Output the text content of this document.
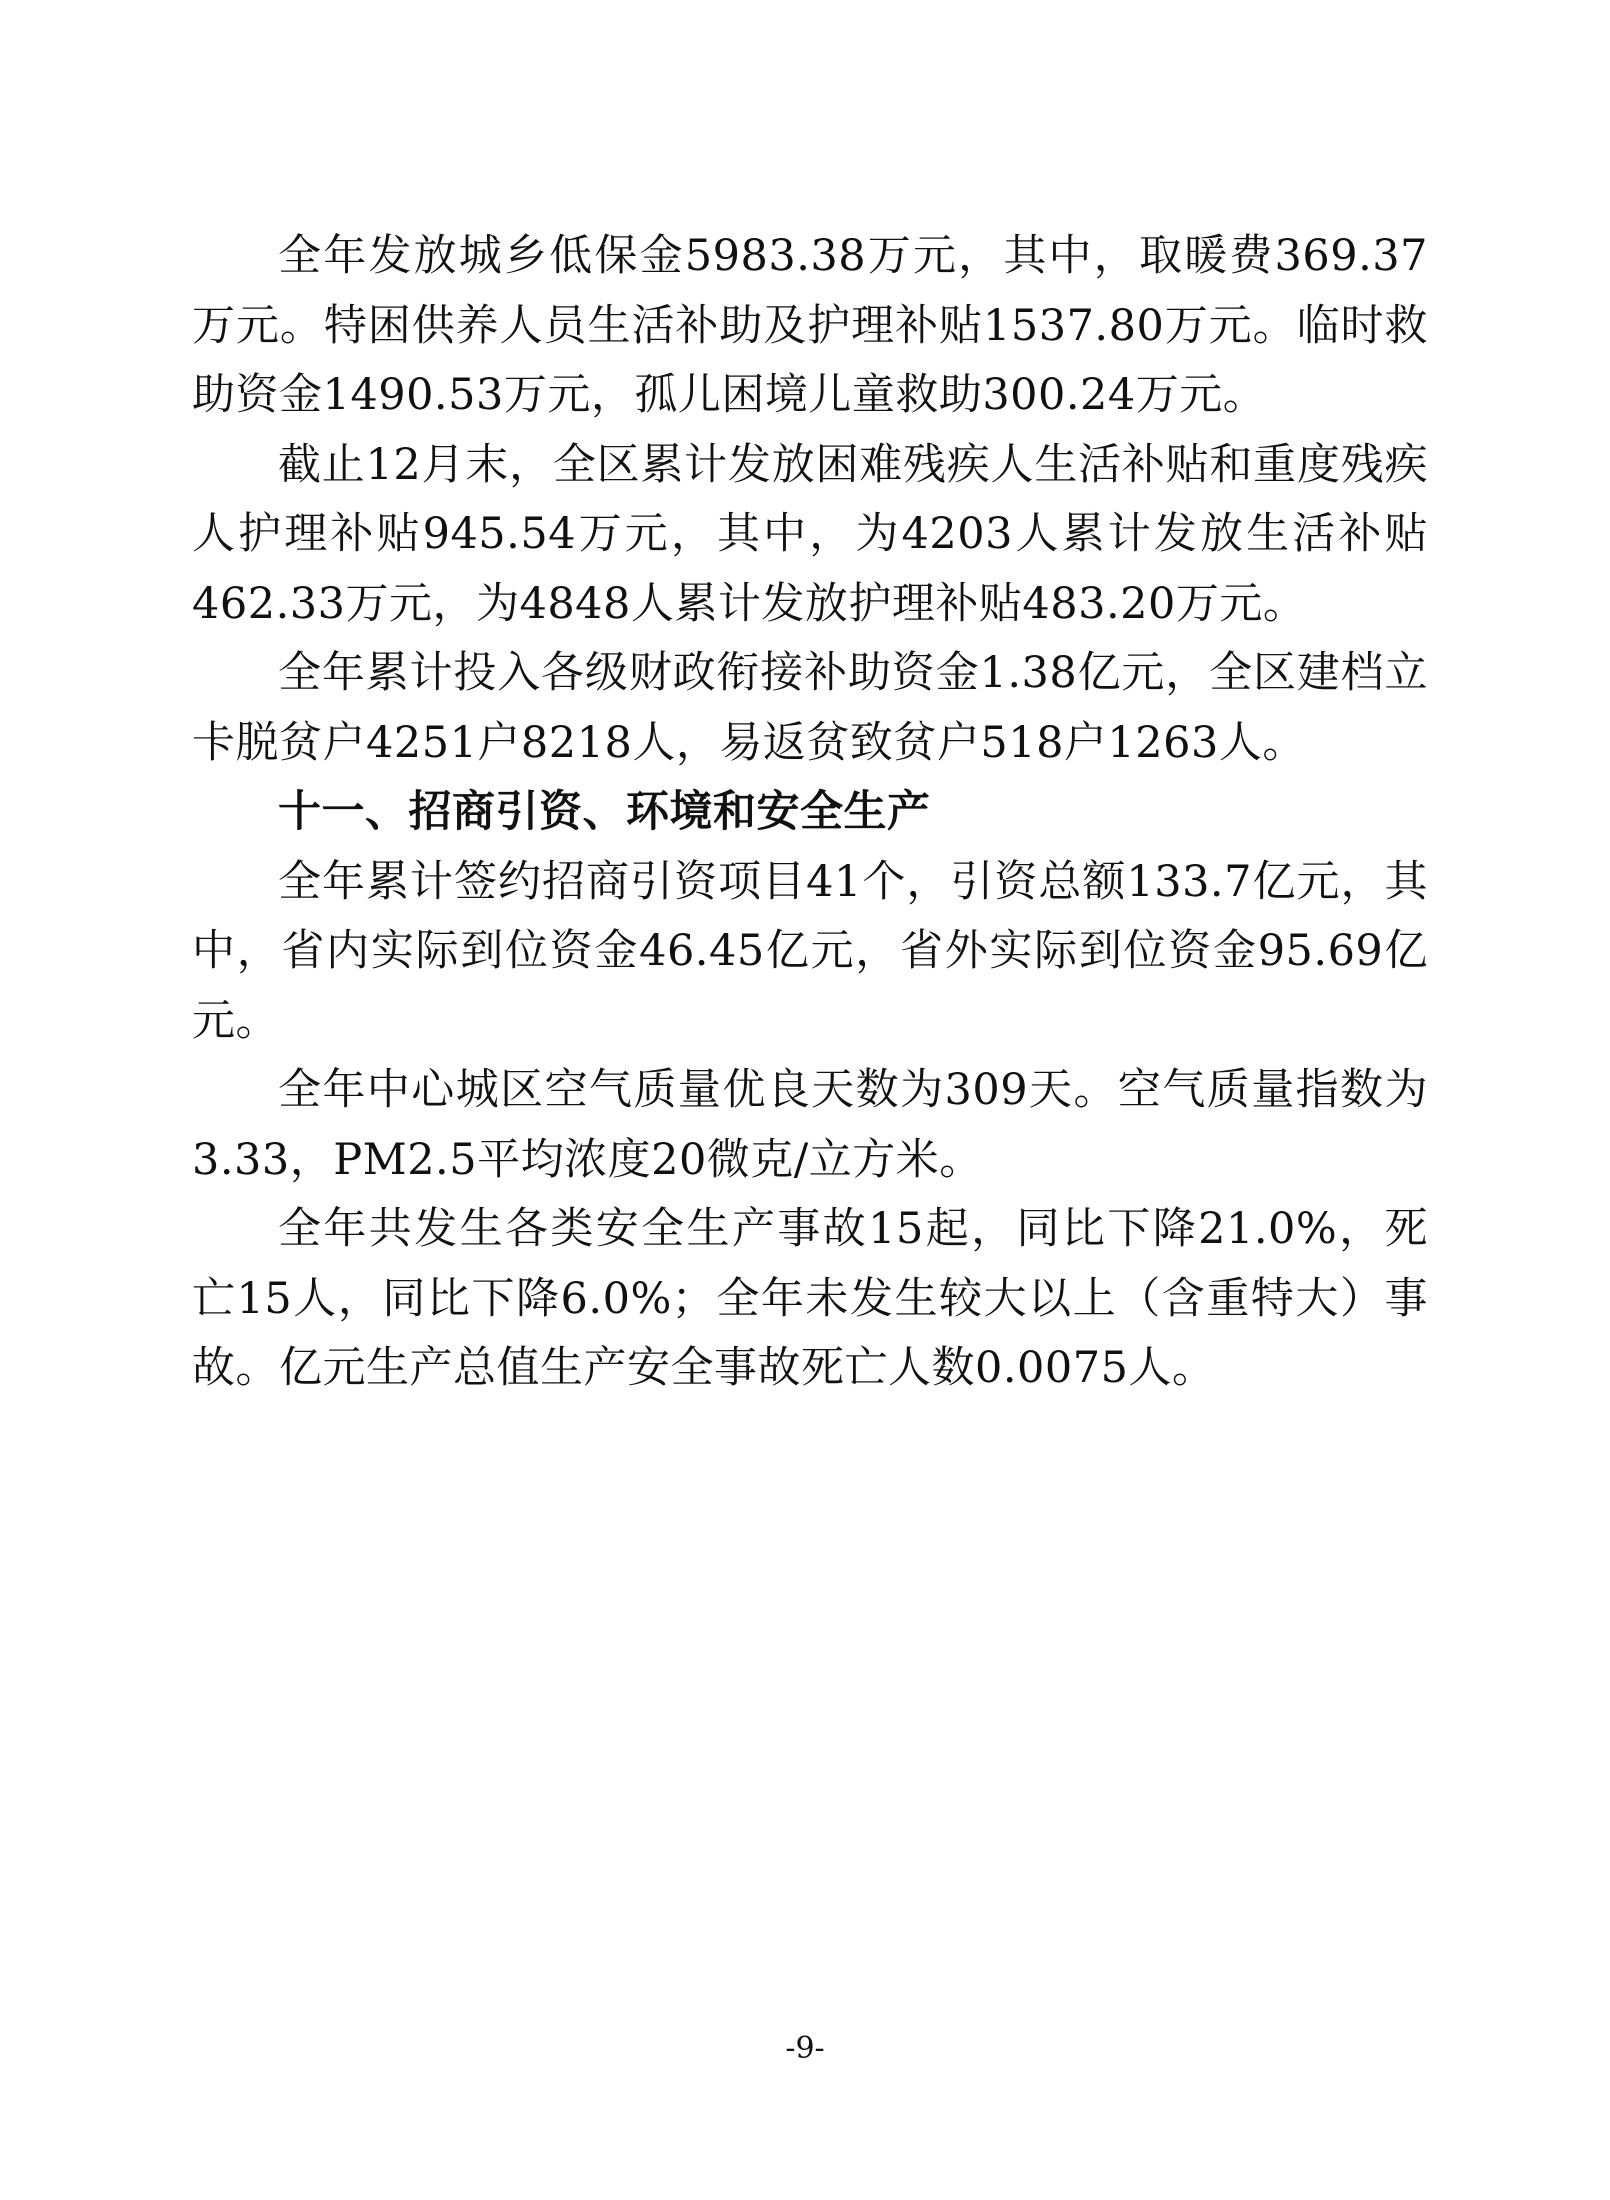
全年发放城乡低保金5983.38万元，其中，取暖费369.37万元。特困供养人员生活补助及护理补贴1537.80万元。临时救助资金1490.53万元，孤儿困境儿童救助300.24万元。

截止12月末，全区累计发放困难残疾人生活补贴和重度残疾人护理补贴945.54万元，其中，为4203人累计发放生活补贴462.33万元，为4848人累计发放护理补贴483.20万元。

全年累计投入各级财政衔接补助资金1.38亿元，全区建档立卡脱贫户4251户8218人，易返贫致贫户518户1263人。

十一、招商引资、环境和安全生产

全年累计签约招商引资项目41个，引资总额133.7亿元，其中，省内实际到位资金46.45亿元，省外实际到位资金95.69亿元。

全年中心城区空气质量优良天数为309天。空气质量指数为3.33，PM2.5平均浓度20微克/立方米。

全年共发生各类安全生产事故15起，同比下降21.0%，死亡15人，同比下降6.0%；全年未发生较大以上（含重特大）事故。亿元生产总值生产安全事故死亡人数0.0075人。

-9-
